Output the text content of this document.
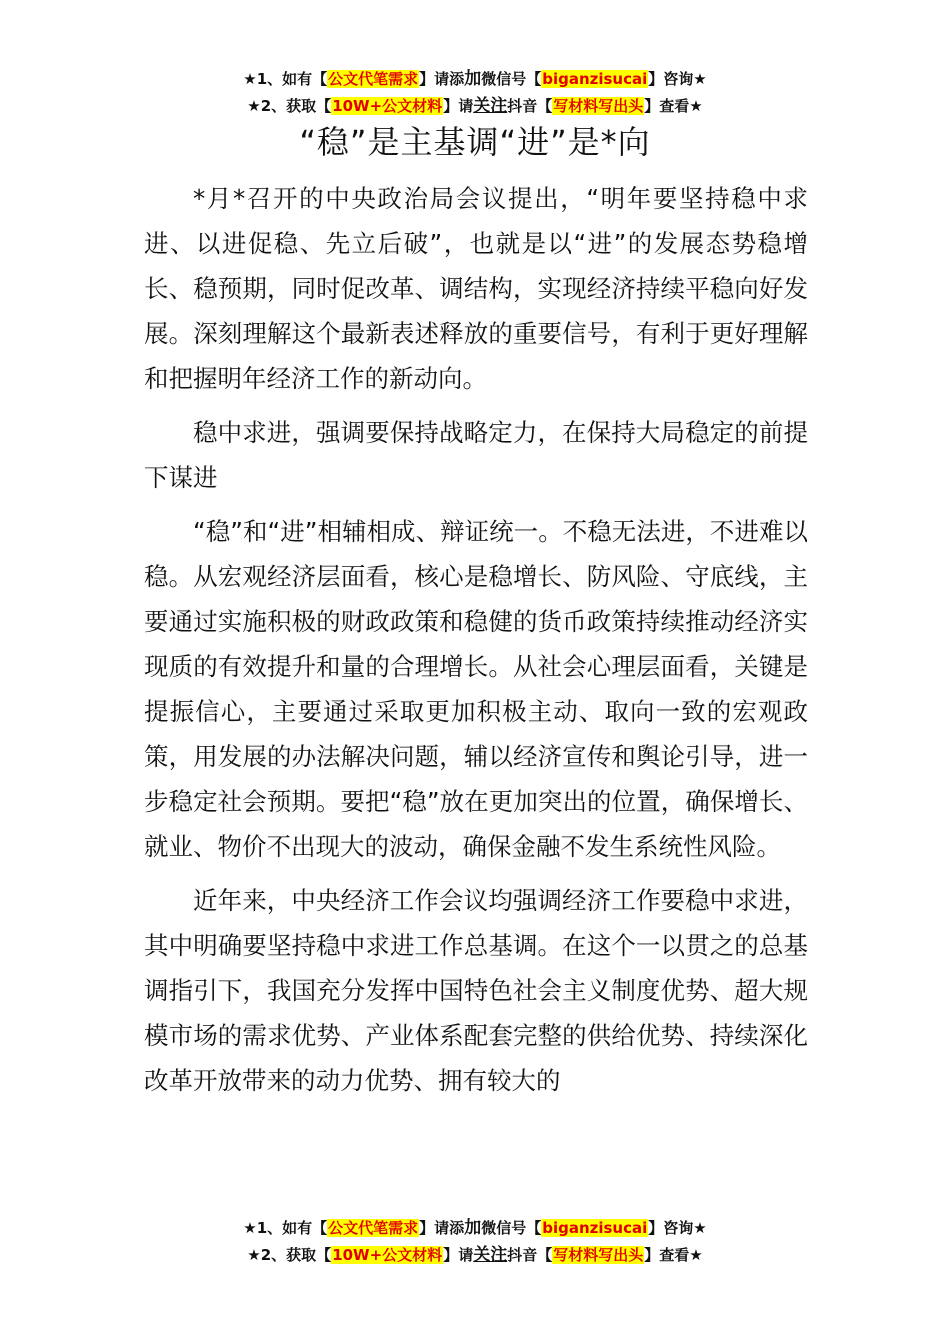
★1、如有【公文代笔需求】请添加微信号【biganzisucai】咨询★
★2、获取【10W+公文材料】请关注抖音【写材料写出头】查看★
“稳”是主基调“进”是*向

*月*召开的中央政治局会议提出，“明年要坚持稳中求进、以进促稳、先立后破”，也就是以“进”的发展态势稳增长、稳预期，同时促改革、调结构，实现经济持续平稳向好发展。深刻理解这个最新表述释放的重要信号，有利于更好理解和把握明年经济工作的新动向。

稳中求进，强调要保持战略定力，在保持大局稳定的前提下谋进

“稳”和“进”相辅相成、辩证统一。不稳无法进，不进难以稳。从宏观经济层面看，核心是稳增长、防风险、守底线，主要通过实施积极的财政政策和稳健的货币政策持续推动经济实现质的有效提升和量的合理增长。从社会心理层面看，关键是提振信心，主要通过采取更加积极主动、取向一致的宏观政策，用发展的办法解决问题，辅以经济宣传和舆论引导，进一步稳定社会预期。要把“稳”放在更加突出的位置，确保增长、就业、物价不出现大的波动，确保金融不发生系统性风险。

近年来，中央经济工作会议均强调经济工作要稳中求进，其中明确要坚持稳中求进工作总基调。在这个一以贯之的总基调指引下，我国充分发挥中国特色社会主义制度优势、超大规模市场的需求优势、产业体系配套完整的供给优势、持续深化改革开放带来的动力优势、拥有较大的

★1、如有【公文代笔需求】请添加微信号【biganzisucai】咨询★
★2、获取【10W+公文材料】请关注抖音【写材料写出头】查看★
